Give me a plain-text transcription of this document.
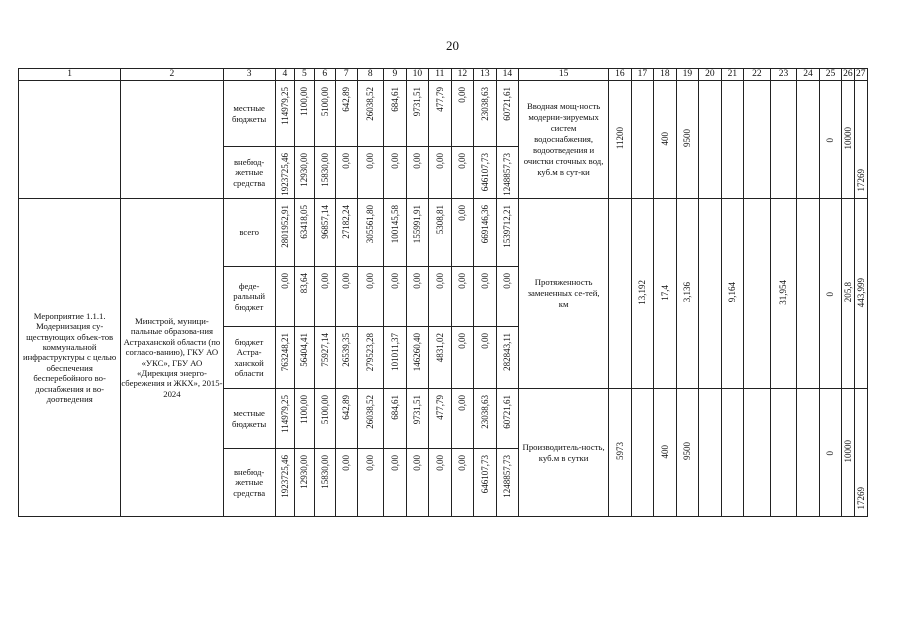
20
1	2	3	4	5	6	7	8	9	10	11	12	13	14	15	16	17	18	19	20	21	22	23	24	25	26	27
		местные бюджеты	114979,25	1100,00	5100,00	642,89	26038,52	684,61	9731,51	477,79	0,00	23038,63	60721,61	Вводная мощ-ность модерни-зируемых систем водоснабжения, водоотведения и очистки сточных вод, куб.м в сут-ки	11200		400	9500						0	10000	17269
		внебюд-жетные средства	1923725,46	12930,00	15830,00	0,00	0,00	0,00	0,00	0,00	0,00	646107,73	1248857,73													
Мероприятие 1.1.1. Модернизация су-ществующих объек-тов коммунальной инфраструктуры с целью обеспечения бесперебойного во-доснабжения и во-доотведения	Минстрой, муници-пальные образова-ния Астраханской области (по согласо-ванию), ГКУ АО «УКС», ГБУ АО «Дирекция энерго-сбережения и ЖКХ», 2015-2024	всего	2801952,91	63418,05	96857,14	27182,24	305561,80	100145,58	155991,91	5308,81	0,00	669146,36	1539712,21	Протяженность замененных се-тей, км		13,192	17,4	3,136		9,164		31,954		0	205,8	443,999
		феде-ральный бюджет	0,00	83,64	0,00	0,00	0,00	0,00	0,00	0,00	0,00	0,00	0,00													
		бюджет Астра-ханской области	763248,21	56404,41	75927,14	26539,35	279523,28	101011,37	146260,40	4831,02	0,00	0,00	282843,11													
		местные бюджеты	114979,25	1100,00	5100,00	642,89	26038,52	684,61	9731,51	477,79	0,00	23038,63	60721,61	Производитель-ность, куб.м в сутки	5973		400	9500						0	10000	17269
		внебюд-жетные средства	1923725,46	12930,00	15830,00	0,00	0,00	0,00	0,00	0,00	0,00	646107,73	1248857,73													
